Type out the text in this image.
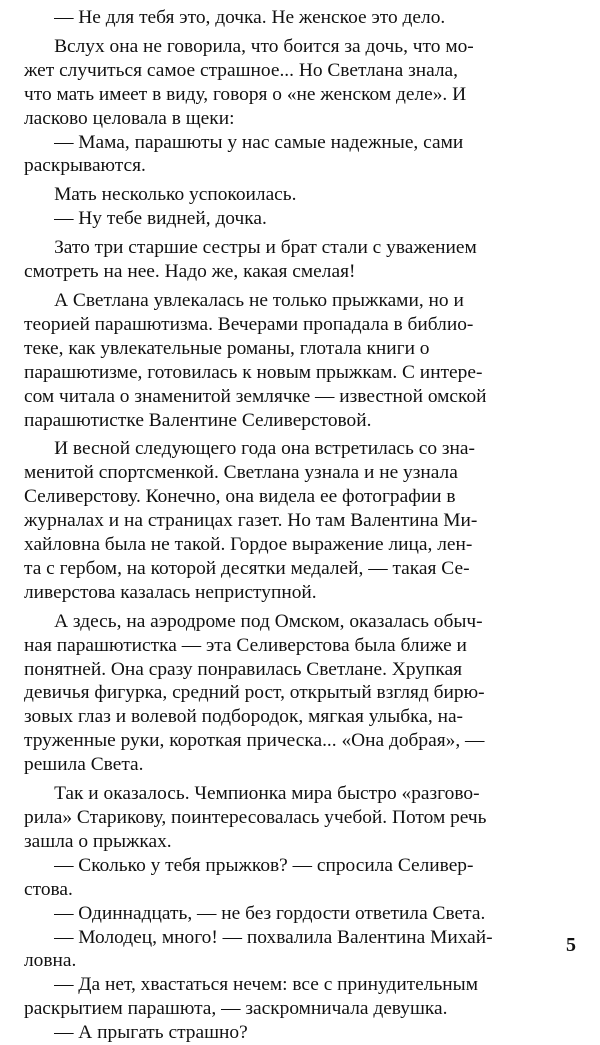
— Не для тебя это, дочка. Не женское это дело.

Вслух она не говорила, что боится за дочь, что мо-
жет случиться самое страшное... Но Светлана знала,
что мать имеет в виду, говоря о «не женском деле». И
ласково целовала в щеки:

— Мама, парашюты у нас самые надежные, сами
раскрываются.

Мать несколько успокоилась.

— Ну тебе видней, дочка.

Зато три старшие сестры и брат стали с уважением
смотреть на нее. Надо же, какая смелая!

А Светлана увлекалась не только прыжками, но и
теорией парашютизма. Вечерами пропадала в библио-
теке, как увлекательные романы, глотала книги о
парашютизме, готовилась к новым прыжкам. С интере-
сом читала о знаменитой землячке — известной омской
парашютистке Валентине Селиверстовой.

И весной следующего года она встретилась со зна-
менитой спортсменкой. Светлана узнала и не узнала
Селиверстову. Конечно, она видела ее фотографии в
журналах и на страницах газет. Но там Валентина Ми-
хайловна была не такой. Гордое выражение лица, лен-
та с гербом, на которой десятки медалей, — такая Се-
ливерстова казалась неприступной.

А здесь, на аэродроме под Омском, оказалась обыч-
ная парашютистка — эта Селиверстова была ближе и
понятней. Она сразу понравилась Светлане. Хрупкая
девичья фигурка, средний рост, открытый взгляд бирю-
зовых глаз и волевой подбородок, мягкая улыбка, на-
труженные руки, короткая прическа... «Она добрая», —
решила Света.

Так и оказалось. Чемпионка мира быстро «разгово-
рила» Старикову, поинтересовалась учебой. Потом речь
зашла о прыжках.

— Сколько у тебя прыжков? — спросила Селивер-
стова.

— Одиннадцать, — не без гордости ответила Света.

— Молодец, много! — похвалила Валентина Михай-
ловна.

— Да нет, хвастаться нечем: все с принудительным
раскрытием парашюта, — заскромничала девушка.

— А прыгать страшно?

5
